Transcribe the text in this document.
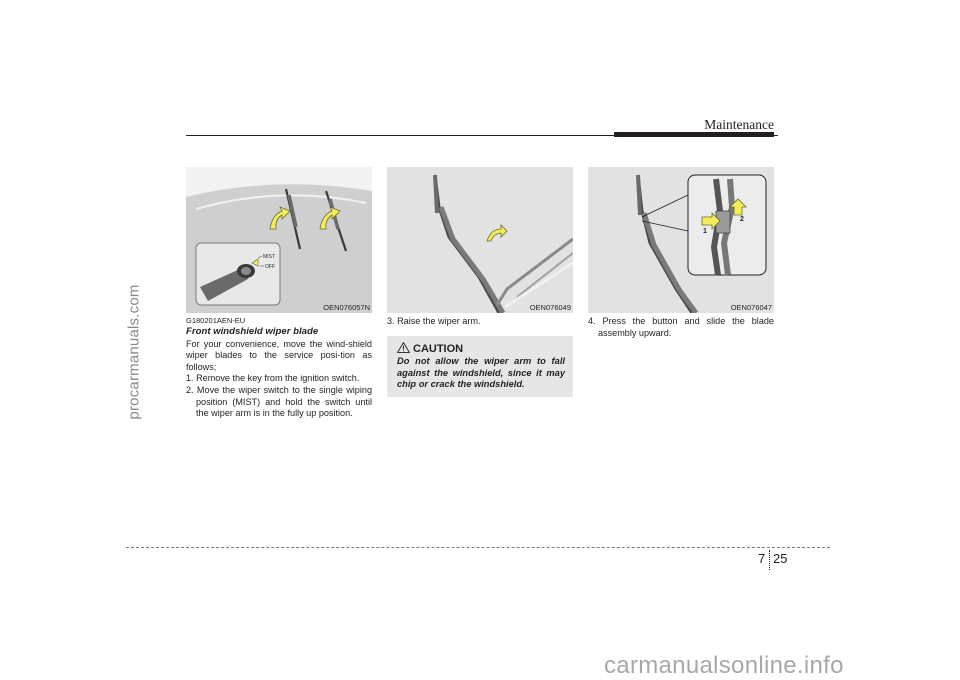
procarmanuals.com
Maintenance
MIST
OFF
OEN076057N	OEN076049
1
2
OEN076047

G180201AEN-EU

Front windshield wiper blade

For your convenience, move the wind-shield wiper blades to the service posi-tion as follows;

1. Remove the key from the ignition switch.

2. Move the wiper switch to the single wiping position (MIST) and hold the switch until the wiper arm is in the fully up position.

3. Raise the wiper arm.

CAUTION
Do not allow the wiper arm to fall against the windshield, since it may chip or crack the windshield.

4. Press the button and slide the blade assembly upward.

7 25
carmanualsonline.info
